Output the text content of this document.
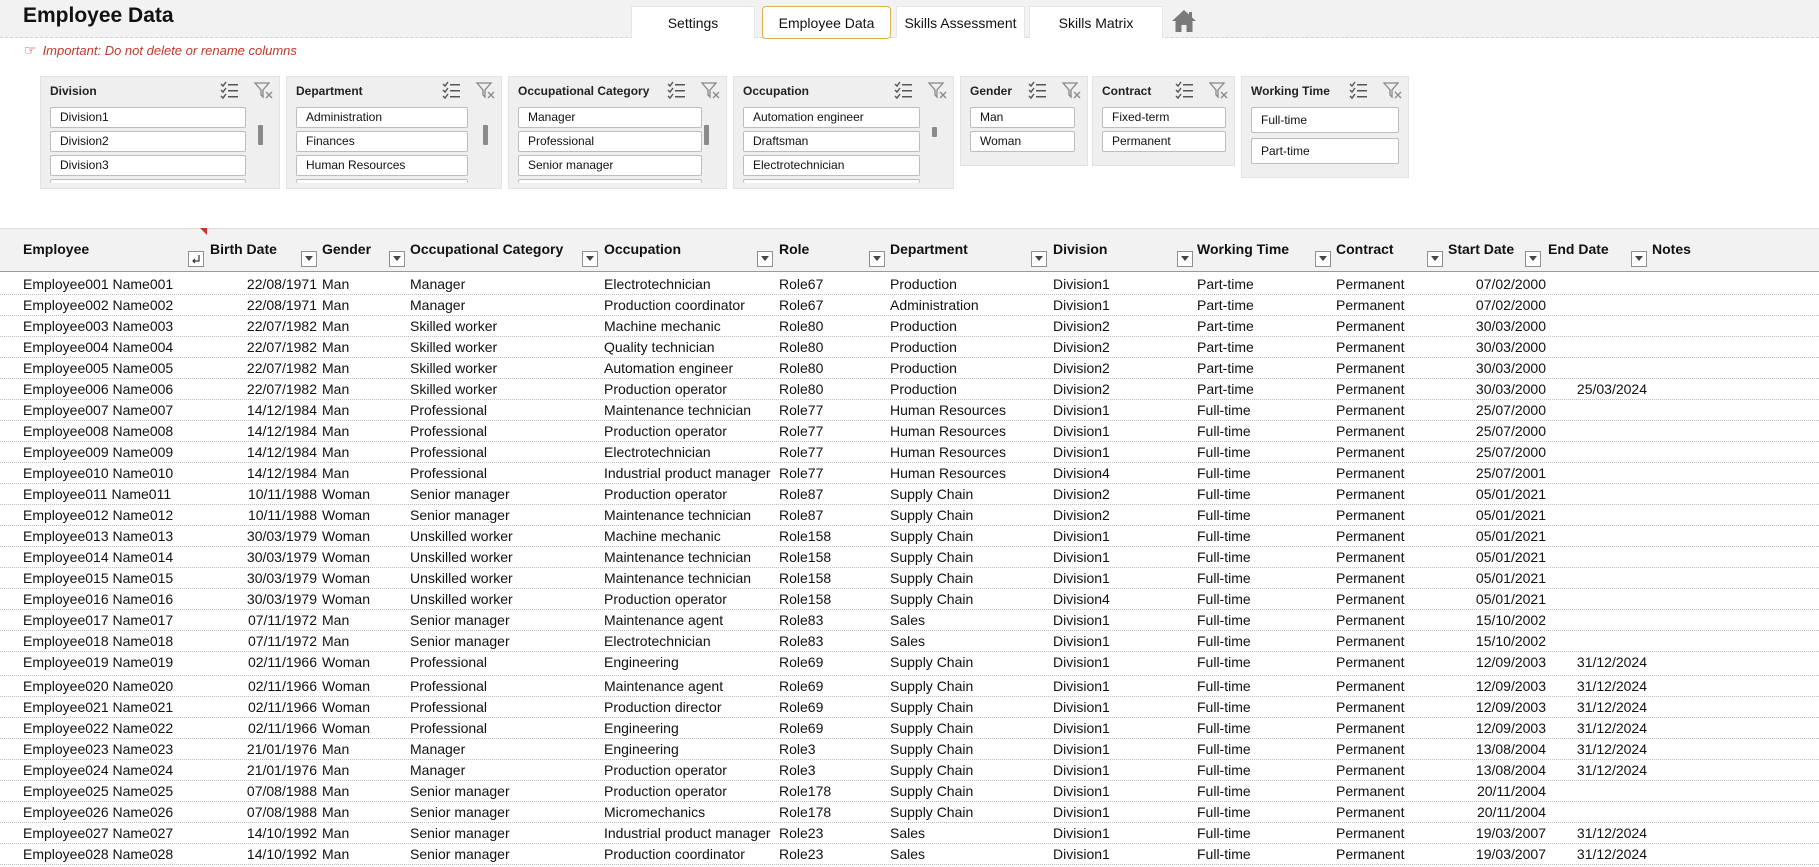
Employee Data	Settings	Employee Data	Skills Assessment	Skills Matrix
☞ Important: Do not delete or rename columns
Division
Division1
Division2
Division3
Department
Administration
Finances
Human Resources
Occupational Category
Manager
Professional
Senior manager
Occupation
Automation engineer
Draftsman
Electrotechnician
Gender
Man
Woman
Contract
Fixed-term
Permanent
Working Time
Full-time
Part-time
Employee	Birth Date	Gender	Occupational Category	Occupation	Role	Department	Division	Working Time	Contract	Start Date End Date	Notes
Employee001 Name001	22/08/1971 Man	Manager	Electrotechnician	Role67	Production	Division1	Part-time	Permanent	07/02/2000
Employee002 Name002	22/08/1971 Man	Manager	Production coordinator	Role67	Administration	Division1	Part-time	Permanent	07/02/2000
Employee003 Name003	22/07/1982 Man	Skilled worker	Machine mechanic	Role80	Production	Division2	Part-time	Permanent	30/03/2000
Employee004 Name004	22/07/1982 Man	Skilled worker	Quality technician	Role80	Production	Division2	Part-time	Permanent	30/03/2000
Employee005 Name005	22/07/1982 Man	Skilled worker	Automation engineer	Role80	Production	Division2	Part-time	Permanent	30/03/2000
Employee006 Name006	22/07/1982 Man	Skilled worker	Production operator	Role80	Production	Division2	Part-time	Permanent	30/03/2000	25/03/2024
Employee007 Name007	14/12/1984 Man	Professional	Maintenance technician	Role77	Human Resources	Division1	Full-time	Permanent	25/07/2000
Employee008 Name008	14/12/1984 Man	Professional	Production operator	Role77	Human Resources	Division1	Full-time	Permanent	25/07/2000
Employee009 Name009	14/12/1984 Man	Professional	Electrotechnician	Role77	Human Resources	Division1	Full-time	Permanent	25/07/2000
Employee010 Name010	14/12/1984 Man	Professional	Industrial product manager Role77	Human Resources	Division4	Full-time	Permanent	25/07/2001
Employee011 Name011	10/11/1988 Woman	Senior manager	Production operator	Role87	Supply Chain	Division2	Full-time	Permanent	05/01/2021
Employee012 Name012	10/11/1988 Woman	Senior manager	Maintenance technician	Role87	Supply Chain	Division2	Full-time	Permanent	05/01/2021
Employee013 Name013	30/03/1979 Woman	Unskilled worker	Machine mechanic	Role158	Supply Chain	Division1	Full-time	Permanent	05/01/2021
Employee014 Name014	30/03/1979 Woman	Unskilled worker	Maintenance technician	Role158	Supply Chain	Division1	Full-time	Permanent	05/01/2021
Employee015 Name015	30/03/1979 Woman	Unskilled worker	Maintenance technician	Role158	Supply Chain	Division1	Full-time	Permanent	05/01/2021
Employee016 Name016	30/03/1979 Woman	Unskilled worker	Production operator	Role158	Supply Chain	Division4	Full-time	Permanent	05/01/2021
Employee017 Name017	07/11/1972 Man	Senior manager	Maintenance agent	Role83	Sales	Division1	Full-time	Permanent	15/10/2002
Employee018 Name018	07/11/1972 Man	Senior manager	Electrotechnician	Role83	Sales	Division1	Full-time	Permanent	15/10/2002
Employee019 Name019	02/11/1966 Woman	Professional	Engineering	Role69	Supply Chain	Division1	Full-time	Permanent	12/09/2003	31/12/2024
Employee020 Name020	02/11/1966 Woman	Professional	Maintenance agent	Role69	Supply Chain	Division1	Full-time	Permanent	12/09/2003	31/12/2024
Employee021 Name021	02/11/1966 Woman	Professional	Production director	Role69	Supply Chain	Division1	Full-time	Permanent	12/09/2003	31/12/2024
Employee022 Name022	02/11/1966 Woman	Professional	Engineering	Role69	Supply Chain	Division1	Full-time	Permanent	12/09/2003	31/12/2024
Employee023 Name023	21/01/1976 Man	Manager	Engineering	Role3	Supply Chain	Division1	Full-time	Permanent	13/08/2004	31/12/2024
Employee024 Name024	21/01/1976 Man	Manager	Production operator	Role3	Supply Chain	Division1	Full-time	Permanent	13/08/2004	31/12/2024
Employee025 Name025	07/08/1988 Man	Senior manager	Production operator	Role178	Supply Chain	Division1	Full-time	Permanent	20/11/2004
Employee026 Name026	07/08/1988 Man	Senior manager	Micromechanics	Role178	Supply Chain	Division1	Full-time	Permanent	20/11/2004
Employee027 Name027	14/10/1992 Man	Senior manager	Industrial product manager Role23	Sales	Division1	Full-time	Permanent	19/03/2007	31/12/2024
Employee028 Name028	14/10/1992 Man	Senior manager	Production coordinator	Role23	Sales	Division1	Full-time	Permanent	19/03/2007	31/12/2024
